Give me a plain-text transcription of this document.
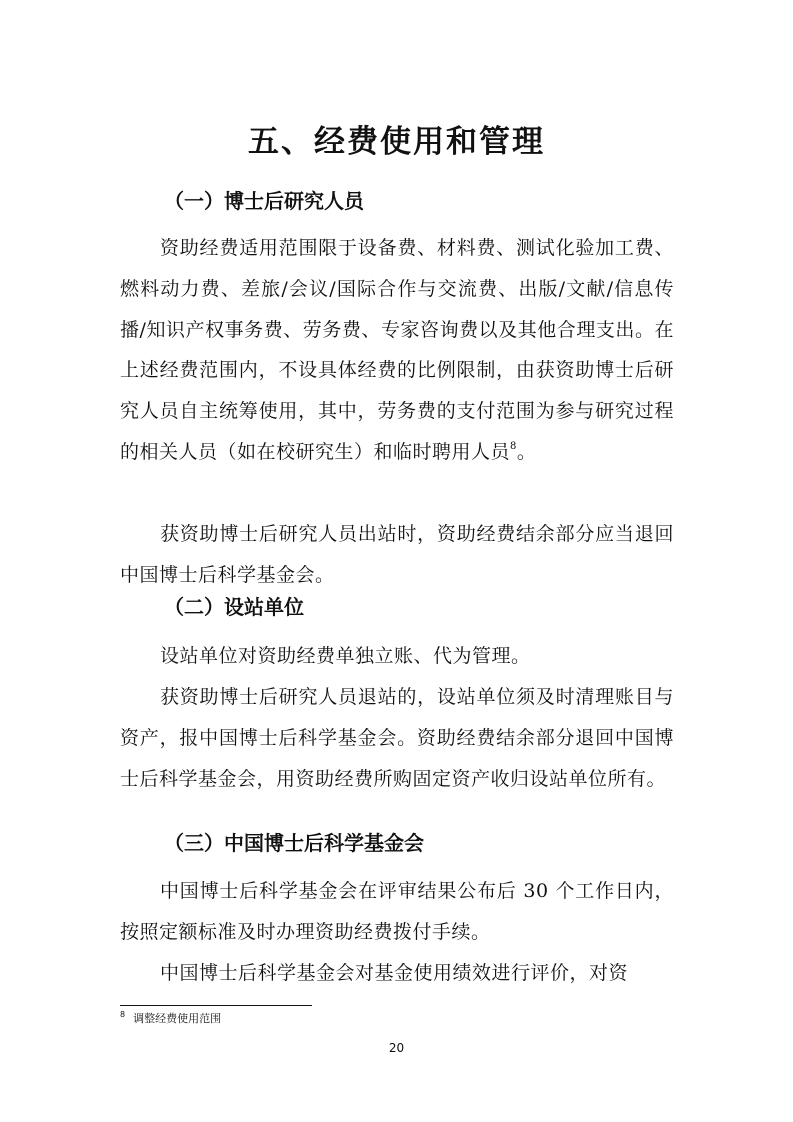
五、经费使用和管理

（一）博士后研究人员

资助经费适用范围限于设备费、材料费、测试化验加工费、燃料动力费、差旅/会议/国际合作与交流费、出版/文献/信息传播/知识产权事务费、劳务费、专家咨询费以及其他合理支出。在上述经费范围内，不设具体经费的比例限制，由获资助博士后研究人员自主统筹使用，其中，劳务费的支付范围为参与研究过程的相关人员（如在校研究生）和临时聘用人员$^8$。

获资助博士后研究人员出站时，资助经费结余部分应当退回中国博士后科学基金会。

（二）设站单位

设站单位对资助经费单独立账、代为管理。

获资助博士后研究人员退站的，设站单位须及时清理账目与资产，报中国博士后科学基金会。资助经费结余部分退回中国博士后科学基金会，用资助经费所购固定资产收归设站单位所有。

（三）中国博士后科学基金会

中国博士后科学基金会在评审结果公布后 30 个工作日内，按照定额标准及时办理资助经费拨付手续。

中国博士后科学基金会对基金使用绩效进行评价，对资

$^8$ 调整经费使用范围

20
